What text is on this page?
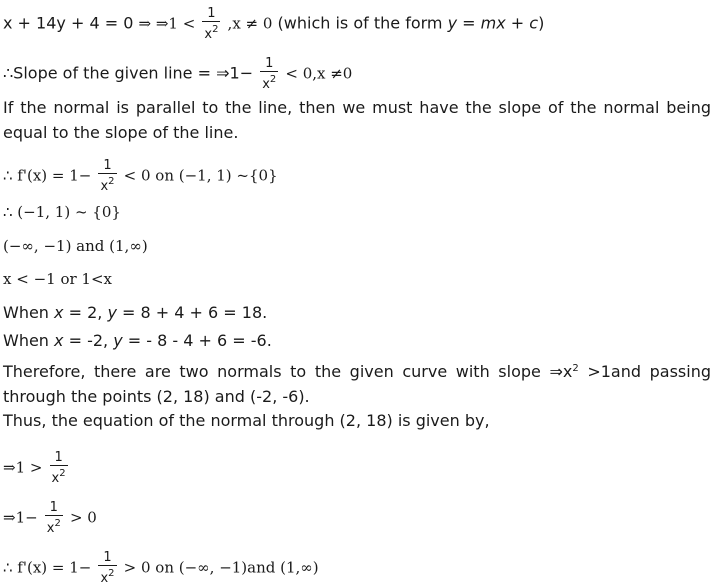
x + 14y + 4 = 0 ⇒ ⇒1 < $\frac{1}{x^2} ,x \ne 0$ (which is of the form y = mx + c)
∴Slope of the given line = ⇒1− $\frac{1}{x^2} < 0,x \ne 0$
If the normal is parallel to the line, then we must have the slope of the normal being equal to the slope of the line.
∴ $f'(x) = 1- \frac{1}{x^2} < 0$ on (−1, 1) ~{0}
∴ (−1, 1) ~ {0}
(−∞, −1) and (1,∞)
x < −1 or 1<x
When x = 2, y = 8 + 4 + 6 = 18.
When x = -2, y = - 8 - 4 + 6 = -6.
Therefore, there are two normals to the given curve with slope $\Rightarrow x^2 >1and$ passing through the points (2, 18) and (-2, -6).
Thus, the equation of the normal through (2, 18) is given by,
⇒1 > $\frac{1}{x^2}$
⇒1− $\frac{1}{x^2} > 0$
∴ $f'(x) = 1- \frac{1}{x^2} > 0$ on (−∞, −1)and (1,∞)
